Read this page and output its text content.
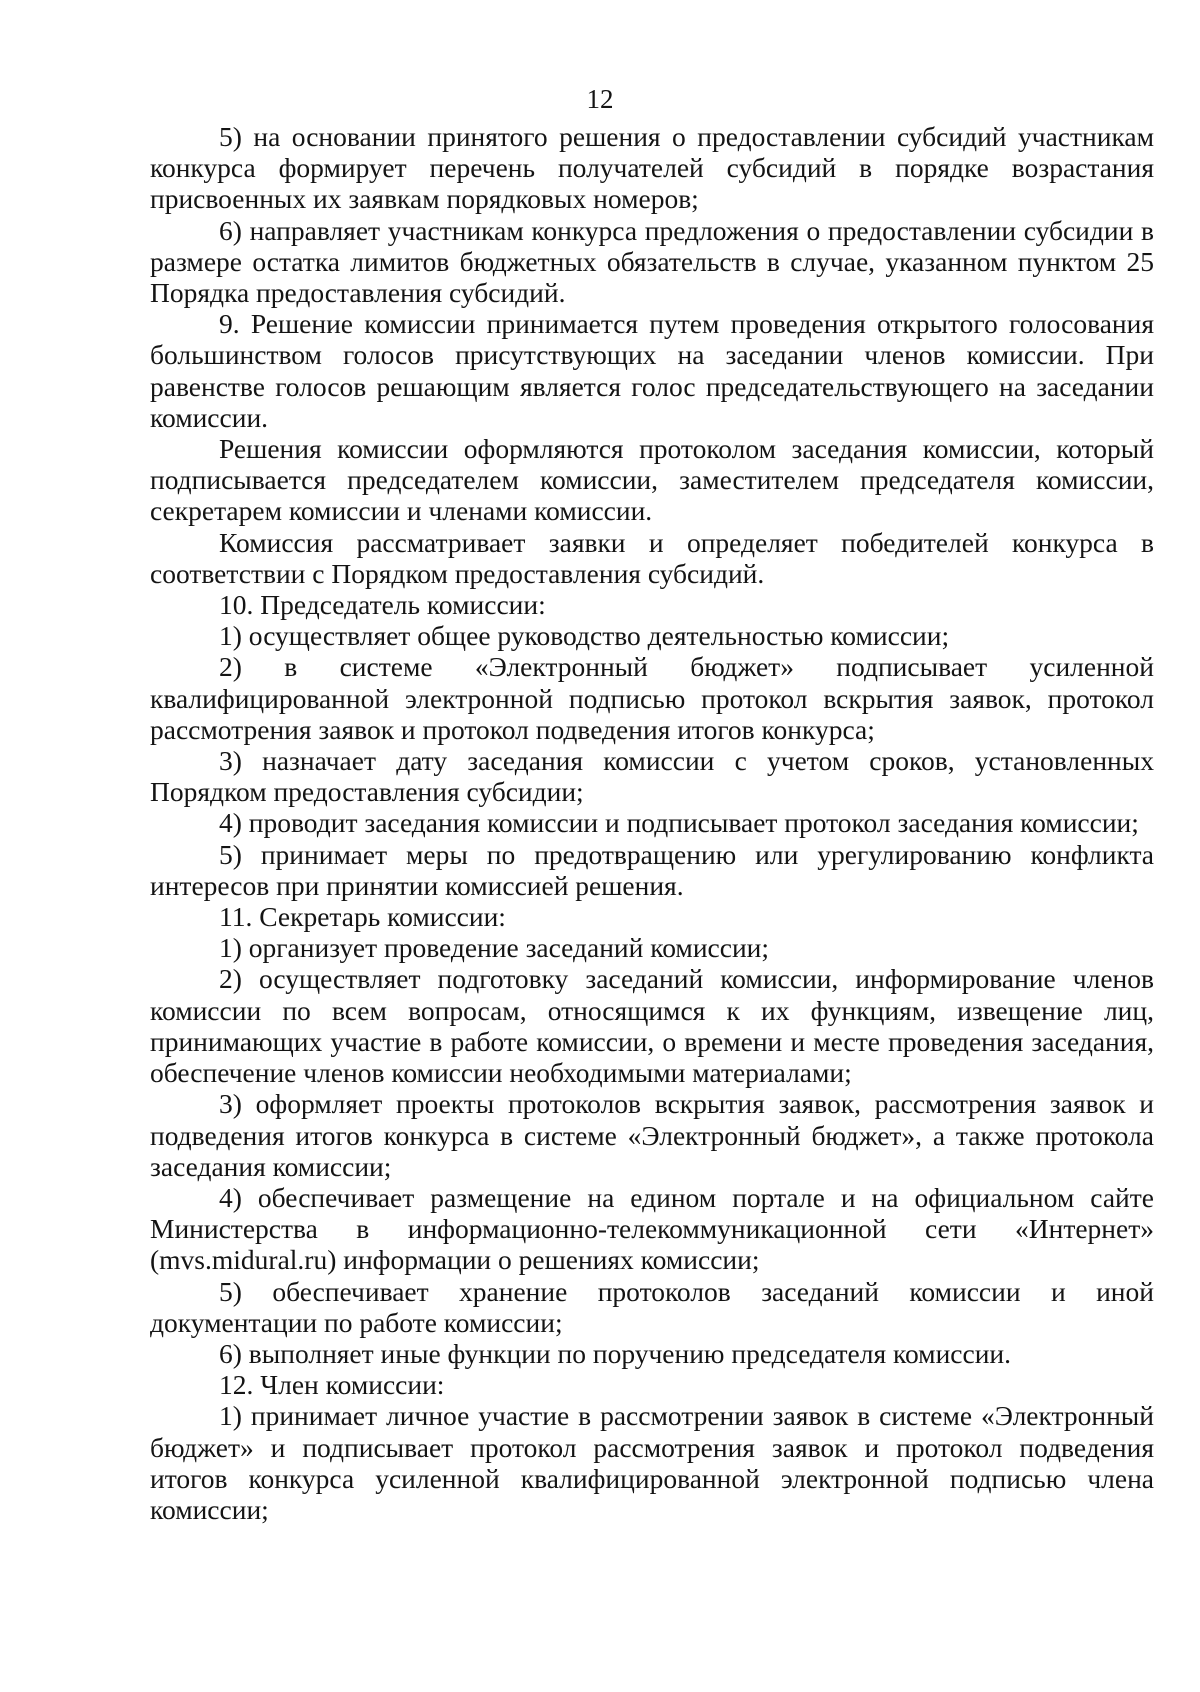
12

5) на основании принятого решения о предоставлении субсидий участникам конкурса формирует перечень получателей субсидий в порядке возрастания присвоенных их заявкам порядковых номеров;

6) направляет участникам конкурса предложения о предоставлении субсидии в размере остатка лимитов бюджетных обязательств в случае, указанном пунктом 25 Порядка предоставления субсидий.

9. Решение комиссии принимается путем проведения открытого голосования большинством голосов присутствующих на заседании членов комиссии. При равенстве голосов решающим является голос председательствующего на заседании комиссии.

Решения комиссии оформляются протоколом заседания комиссии, который подписывается председателем комиссии, заместителем председателя комиссии, секретарем комиссии и членами комиссии.

Комиссия рассматривает заявки и определяет победителей конкурса в соответствии с Порядком предоставления субсидий.

10. Председатель комиссии:

1) осуществляет общее руководство деятельностью комиссии;

2) в системе «Электронный бюджет» подписывает усиленной квалифицированной электронной подписью протокол вскрытия заявок, протокол рассмотрения заявок и протокол подведения итогов конкурса;

3) назначает дату заседания комиссии с учетом сроков, установленных Порядком предоставления субсидии;

4) проводит заседания комиссии и подписывает протокол заседания комиссии;

5) принимает меры по предотвращению или урегулированию конфликта интересов при принятии комиссией решения.

11. Секретарь комиссии:

1) организует проведение заседаний комиссии;

2) осуществляет подготовку заседаний комиссии, информирование членов комиссии по всем вопросам, относящимся к их функциям, извещение лиц, принимающих участие в работе комиссии, о времени и месте проведения заседания, обеспечение членов комиссии необходимыми материалами;

3) оформляет проекты протоколов вскрытия заявок, рассмотрения заявок и подведения итогов конкурса в системе «Электронный бюджет», а также протокола заседания комиссии;

4) обеспечивает размещение на едином портале и на официальном сайте Министерства в информационно-телекоммуникационной сети «Интернет» (mvs.midural.ru) информации о решениях комиссии;

5) обеспечивает хранение протоколов заседаний комиссии и иной документации по работе комиссии;

6) выполняет иные функции по поручению председателя комиссии.

12. Член комиссии:

1) принимает личное участие в рассмотрении заявок в системе «Электронный бюджет» и подписывает протокол рассмотрения заявок и протокол подведения итогов конкурса усиленной квалифицированной электронной подписью члена комиссии;
